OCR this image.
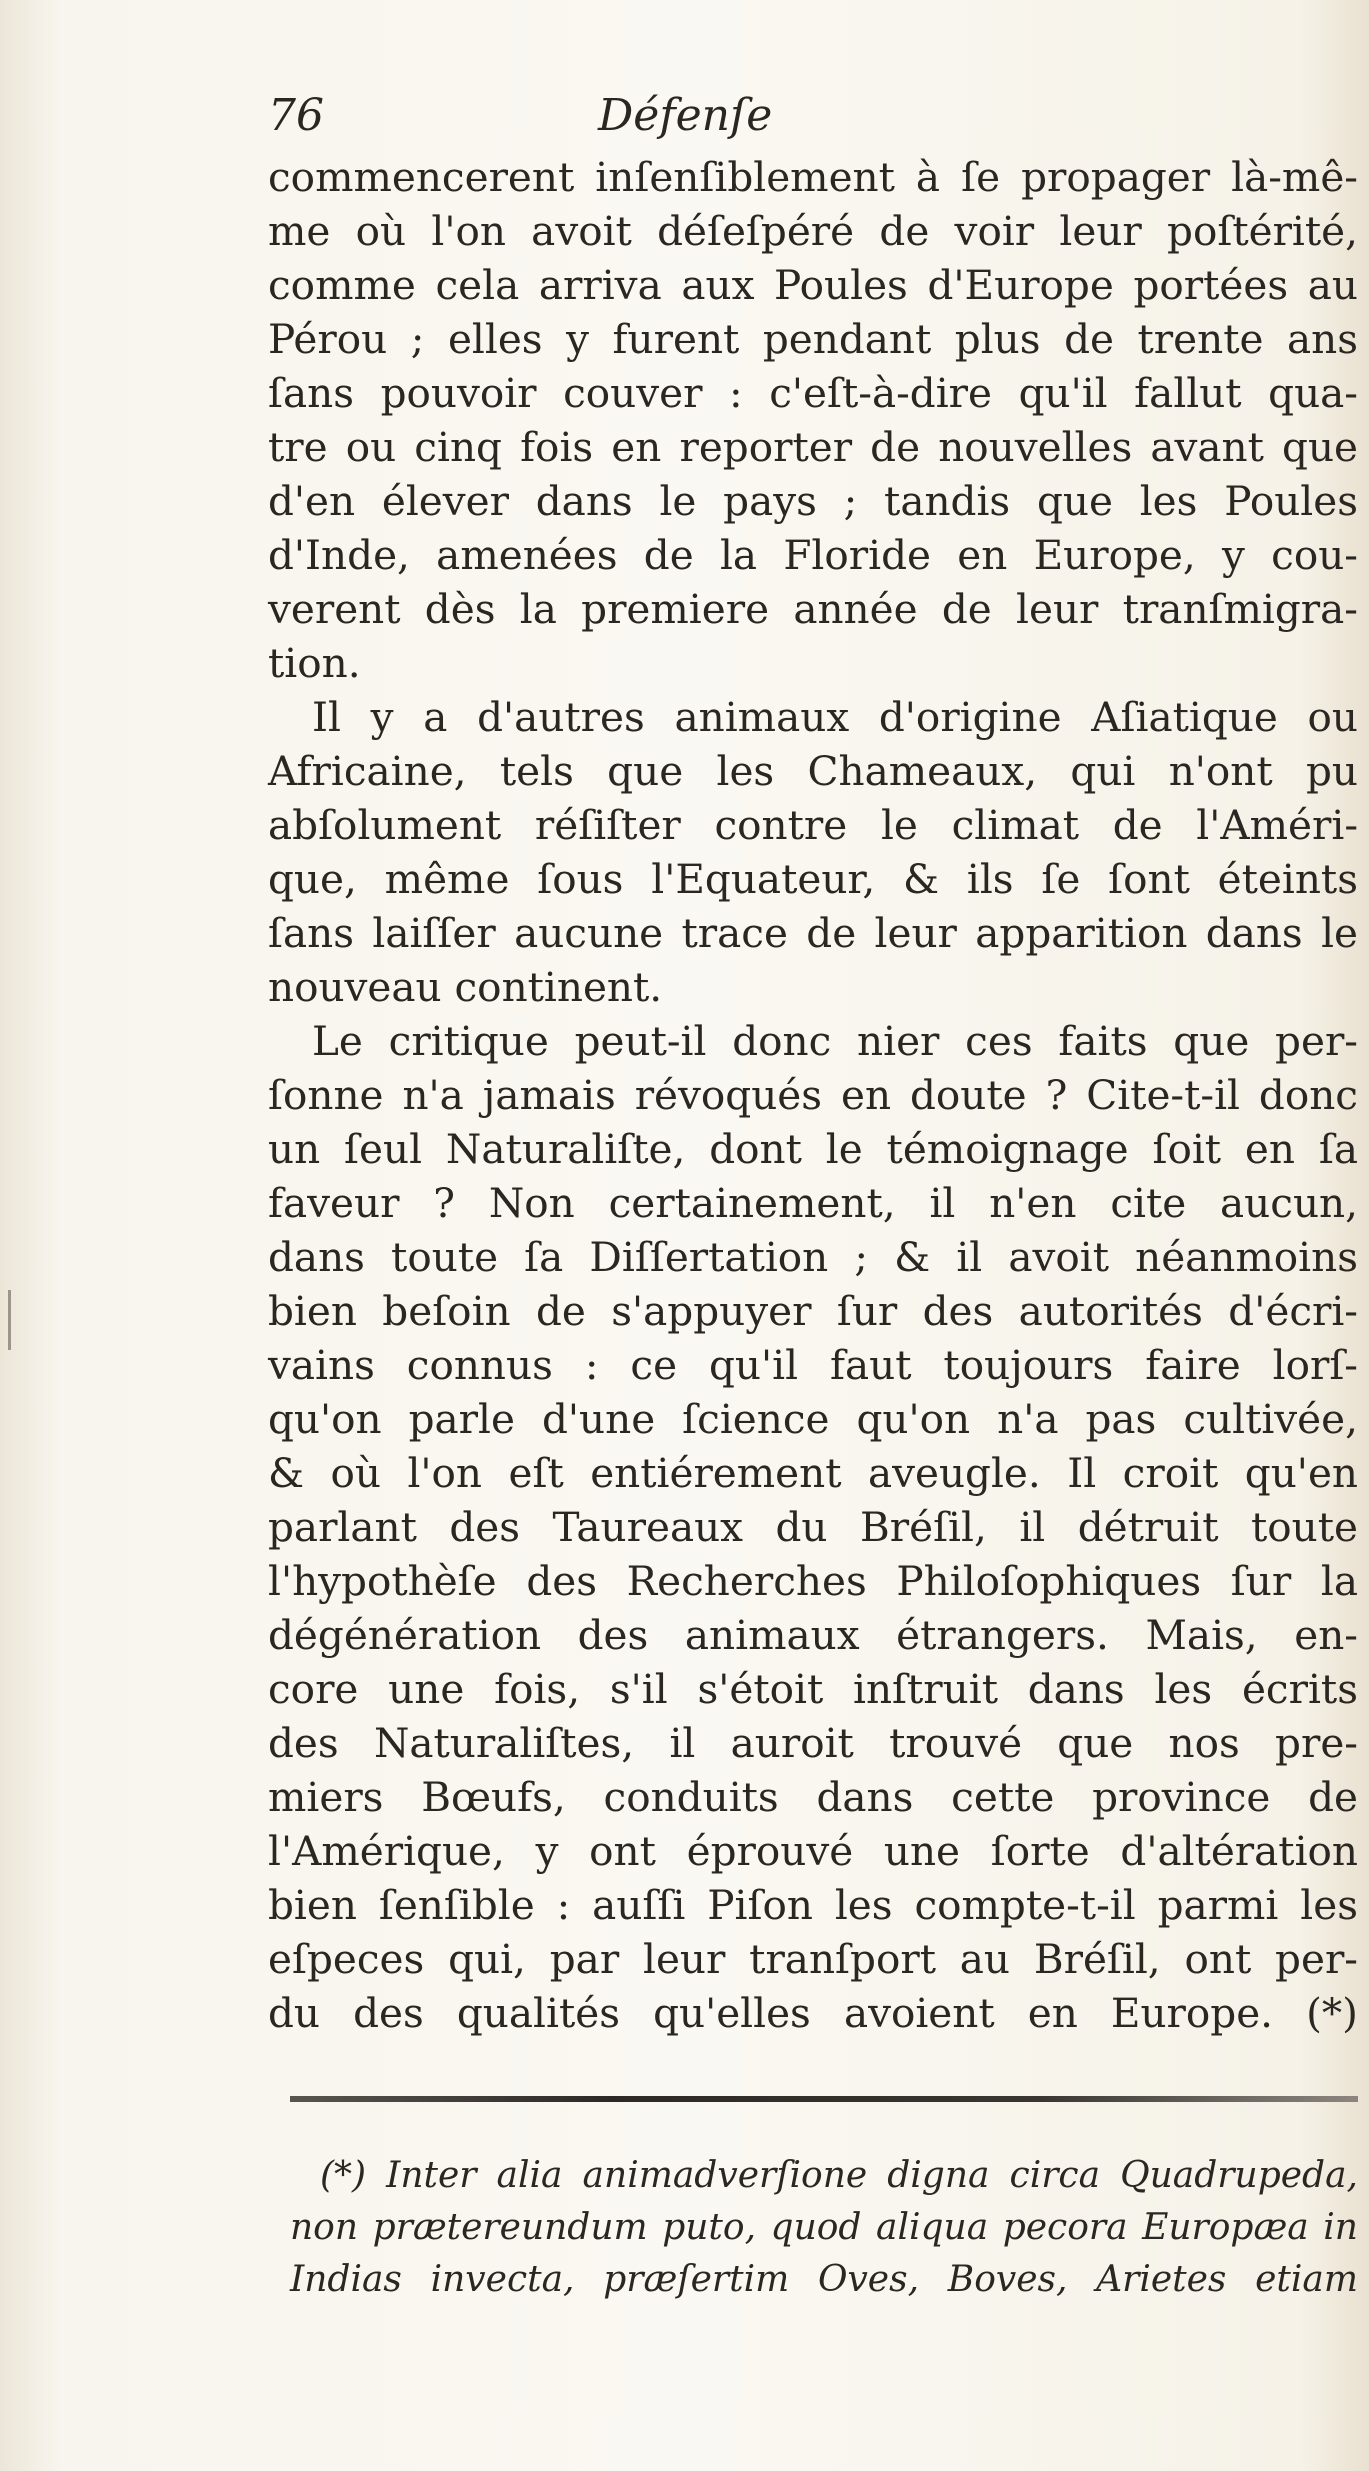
76	Défenſe
commencerent inſenſiblement à ſe propager là-mê-
me où l'on avoit déſeſpéré de voir leur poſtérité,
comme cela arriva aux Poules d'Europe portées au
Pérou ; elles y furent pendant plus de trente ans
ſans pouvoir couver : c'eſt-à-dire qu'il fallut qua-
tre ou cinq fois en reporter de nouvelles avant que
d'en élever dans le pays ; tandis que les Poules
d'Inde, amenées de la Floride en Europe, y cou-
verent dès la premiere année de leur tranſmigra-
tion.
Il y a d'autres animaux d'origine Aſiatique ou
Africaine, tels que les Chameaux, qui n'ont pu
abſolument réſiſter contre le climat de l'Améri-
que, même ſous l'Equateur, & ils ſe ſont éteints
ſans laiſſer aucune trace de leur apparition dans le
nouveau continent.
Le critique peut-il donc nier ces faits que per-
ſonne n'a jamais révoqués en doute ? Cite-t-il donc
un ſeul Naturaliſte, dont le témoignage ſoit en ſa
faveur ? Non certainement, il n'en cite aucun,
dans toute ſa Diſſertation ; & il avoit néanmoins
bien beſoin de s'appuyer ſur des autorités d'écri-
vains connus : ce qu'il faut toujours faire lorſ-
qu'on parle d'une ſcience qu'on n'a pas cultivée,
& où l'on eſt entiérement aveugle. Il croit qu'en
parlant des Taureaux du Bréſil, il détruit toute
l'hypothèſe des Recherches Philoſophiques ſur la
dégénération des animaux étrangers. Mais, en-
core une fois, s'il s'étoit inſtruit dans les écrits
des Naturaliſtes, il auroit trouvé que nos pre-
miers Bœufs, conduits dans cette province de
l'Amérique, y ont éprouvé une ſorte d'altération
bien ſenſible : auſſi Piſon les compte-t-il parmi les
eſpeces qui, par leur tranſport au Bréſil, ont per-
du des qualités qu'elles avoient en Europe. (*)
(*) Inter alia animadverſione digna circa Quadrupeda,
non prætereundum puto, quod aliqua pecora Europæa in
Indias invecta, præſertim Oves, Boves, Arietes etiam
